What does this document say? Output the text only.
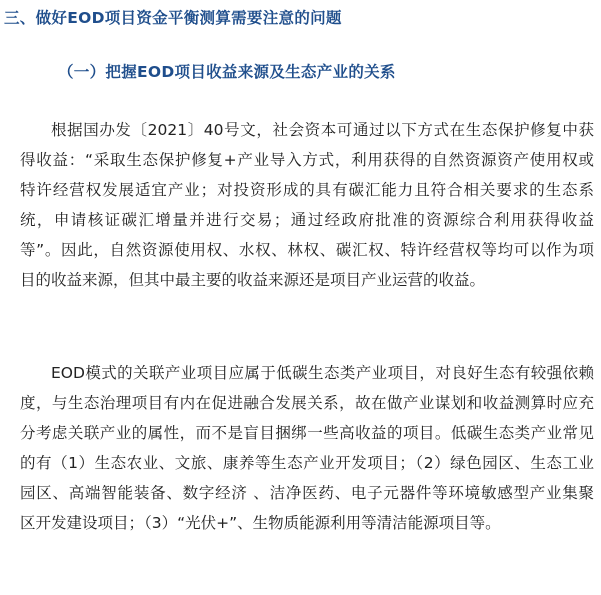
三、做好EOD项目资金平衡测算需要注意的问题
（一）把握EOD项目收益来源及生态产业的关系
根据国办发〔2021〕40号文，社会资本可通过以下方式在生态保护修复中获
得收益：“采取生态保护修复+产业导入方式，利用获得的自然资源资产使用权或
特许经营权发展适宜产业；对投资形成的具有碳汇能力且符合相关要求的生态系
统，申请核证碳汇增量并进行交易；通过经政府批准的资源综合利用获得收益
等”。因此，自然资源使用权、水权、林权、碳汇权、特许经营权等均可以作为项
目的收益来源，但其中最主要的收益来源还是项目产业运营的收益。
EOD模式的关联产业项目应属于低碳生态类产业项目，对良好生态有较强依赖
度，与生态治理项目有内在促进融合发展关系，故在做产业谋划和收益测算时应充
分考虑关联产业的属性，而不是盲目捆绑一些高收益的项目。低碳生态类产业常见
的有（1）生态农业、文旅、康养等生态产业开发项目；（2）绿色园区、生态工业
园区、高端智能装备、数字经济 、洁净医药、电子元器件等环境敏感型产业集聚
区开发建设项目；（3）“光伏+”、生物质能源利用等清洁能源项目等。
